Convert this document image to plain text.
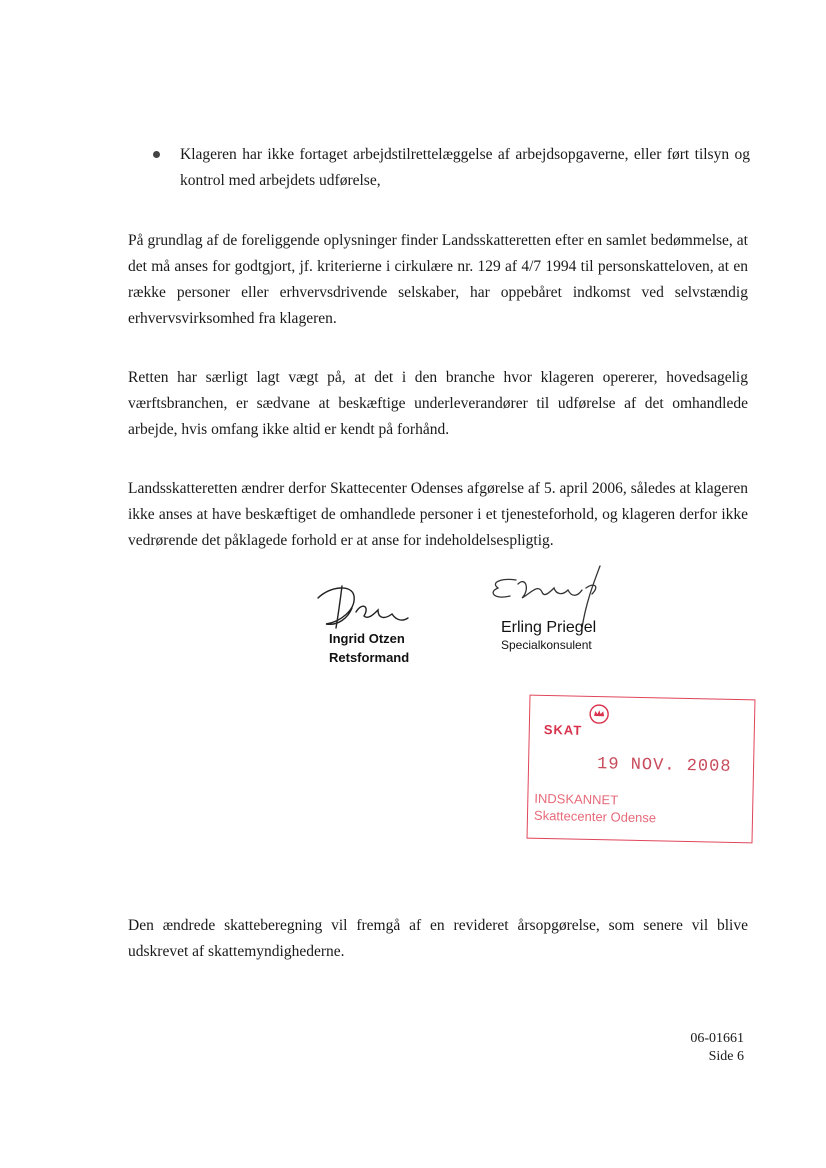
Klageren har ikke fortaget arbejdstilrettelæggelse af arbejdsopgaverne, eller ført tilsyn og kontrol med arbejdets udførelse,

På grundlag af de foreliggende oplysninger finder Landsskatteretten efter en samlet bedømmelse, at det må anses for godtgjort, jf. kriterierne i cirkulære nr. 129 af 4/7 1994 til personskatteloven, at en række personer eller erhvervsdrivende selskaber, har oppebåret indkomst ved selvstændig erhvervsvirksomhed fra klageren.

Retten har særligt lagt vægt på, at det i den branche hvor klageren opererer, hovedsagelig værftsbranchen, er sædvane at beskæftige underleverandører til udførelse af det omhandlede arbejde, hvis omfang ikke altid er kendt på forhånd.

Landsskatteretten ændrer derfor Skattecenter Odenses afgørelse af 5. april 2006, således at klageren ikke anses at have beskæftiget de omhandlede personer i et tjenesteforhold, og klageren derfor ikke vedrørende det påklagede forhold er at anse for indeholdelsespligtig.

Ingrid Otzen
Retsformand
Erling Priegel
Specialkonsulent
SKAT
19 NOV. 2008
INDSKANNET
Skattecenter Odense

Den ændrede skatteberegning vil fremgå af en revideret årsopgørelse, som senere vil blive udskrevet af skattemyndighederne.

06-01661
Side 6
